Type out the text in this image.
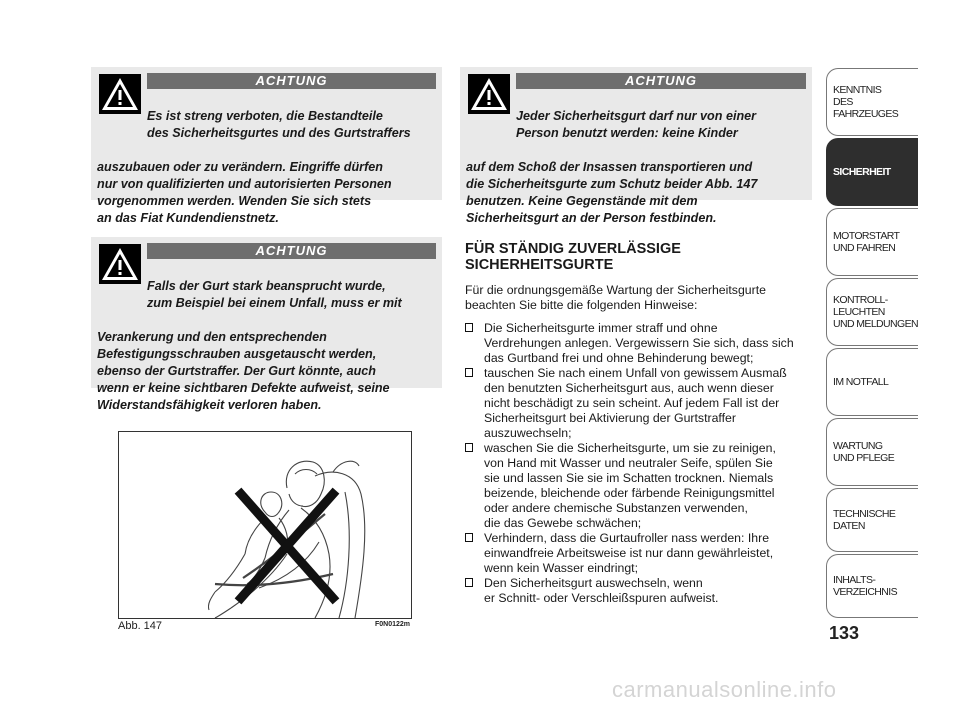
ACHTUNG

Es ist streng verboten, die Bestandteile
des Sicherheitsgurtes und des Gurtstraffers

auszubauen oder zu verändern. Eingriffe dürfen
nur von qualifizierten und autorisierten Personen
vorgenommen werden. Wenden Sie sich stets
an das Fiat Kundendienstnetz.

ACHTUNG

Falls der Gurt stark beansprucht wurde,
zum Beispiel bei einem Unfall, muss er mit

Verankerung und den entsprechenden
Befestigungsschrauben ausgetauscht werden,
ebenso der Gurtstraffer. Der Gurt könnte, auch
wenn er keine sichtbaren Defekte aufweist, seine
Widerstandsfähigkeit verloren haben.

ACHTUNG

Jeder Sicherheitsgurt darf nur von einer
Person benutzt werden: keine Kinder

auf dem Schoß der Insassen transportieren und
die Sicherheitsgurte zum Schutz beider Abb. 147
benutzen. Keine Gegenstände mit dem
Sicherheitsgurt an der Person festbinden.

Abb. 147	F0N0122m
FÜR STÄNDIG ZUVERLÄSSIGE
SICHERHEITSGURTE
Für die ordnungsgemäße Wartung der Sicherheitsgurte
beachten Sie bitte die folgenden Hinweise:
Die Sicherheitsgurte immer straff und ohne
Verdrehungen anlegen. Vergewissern Sie sich, dass sich
das Gurtband frei und ohne Behinderung bewegt;
tauschen Sie nach einem Unfall von gewissem Ausmaß
den benutzten Sicherheitsgurt aus, auch wenn dieser
nicht beschädigt zu sein scheint. Auf jedem Fall ist der
Sicherheitsgurt bei Aktivierung der Gurtstraffer
auszuwechseln;
waschen Sie die Sicherheitsgurte, um sie zu reinigen,
von Hand mit Wasser und neutraler Seife, spülen Sie
sie und lassen Sie sie im Schatten trocknen. Niemals
beizende, bleichende oder färbende Reinigungsmittel
oder andere chemische Substanzen verwenden,
die das Gewebe schwächen;
Verhindern, dass die Gurtaufroller nass werden: Ihre
einwandfreie Arbeitsweise ist nur dann gewährleistet,
wenn kein Wasser eindringt;
Den Sicherheitsgurt auswechseln, wenn
er Schnitt- oder Verschleißspuren aufweist.
KENNTNIS
DES FAHRZEUGES
SICHERHEIT
MOTORSTART
UND FAHREN
KONTROLL-
LEUCHTEN
UND MELDUNGEN
IM NOTFALL
WARTUNG
UND PFLEGE
TECHNISCHE
DATEN
INHALTS-
VERZEICHNIS
133
carmanualsonline.info
